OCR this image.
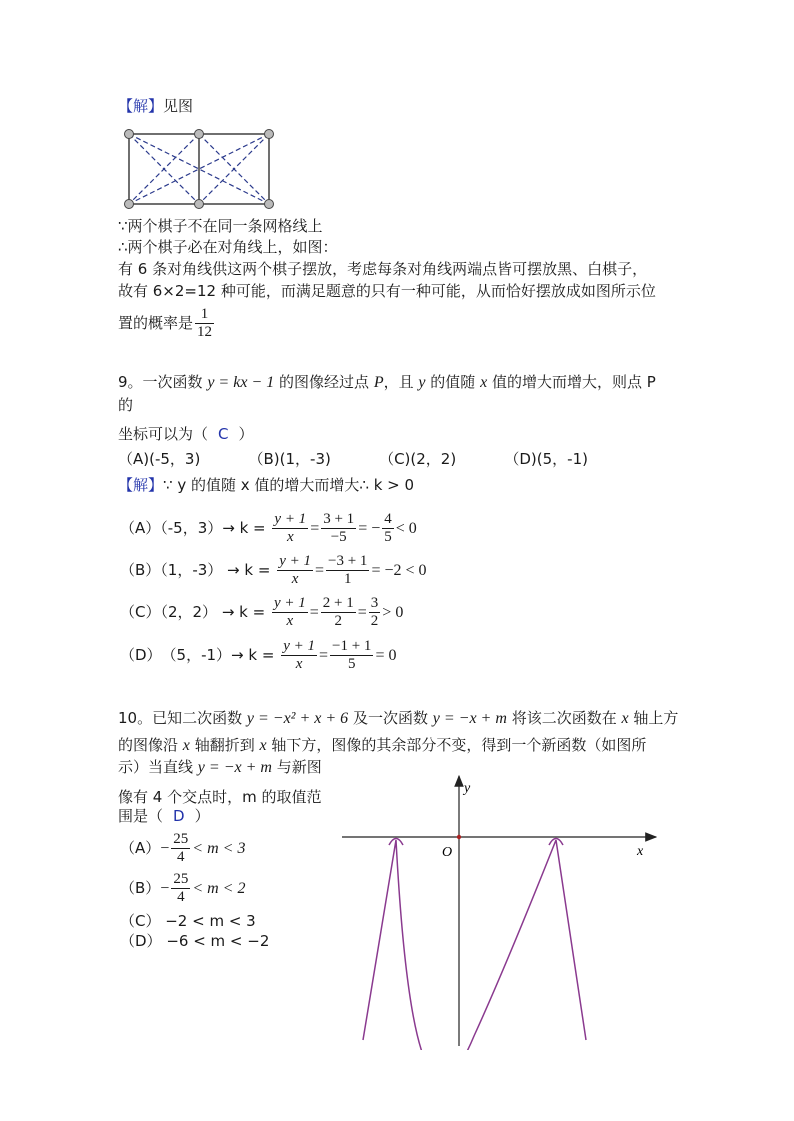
【解】见图
∵两个棋子不在同一条网格线上
∴两个棋子必在对角线上，如图：
有 6 条对角线供这两个棋子摆放，考虑每条对角线两端点皆可摆放黑、白棋子，
故有 6×2=12 种可能，而满足题意的只有一种可能，从而恰好摆放成如图所示位
置的概率是 $\frac{1}{12}$
9。一次函数 y = kx − 1 的图像经过点 P，且 y 的值随 x 值的增大而增大，则点 P
的
坐标可以为（ C ）
（A)(-5，3)	（B)(1，-3)	（C)(2，2)	（D)(5，-1)
【解】∵ y 的值随 x 值的增大而增大∴ k > 0
（A）（-5，$3)\to k = \frac{y + 1}{x} = \frac{3 + 1}{-5}$ = − $\frac{4}{5} < 0$
（B）（1，$-3) \to k = \frac{y + 1}{x} = \frac{-3 + 1}{1} = -2 < 0$
（C）（2，$2) \to k = \frac{y + 1}{x} = \frac{2 + 1}{2} = \frac{3}{2} > 0$
（D）　（5，$-1)\to k = \frac{y + 1}{x} = \frac{-1 + 1}{5} = 0$
10。已知二次函数 y = −x² + x + 6 及一次函数 y = −x + m 将该二次函数在 x 轴上方
的图像沿 x 轴翻折到 x 轴下方，图像的其余部分不变，得到一个新函数（如图所
示）当直线 y = −x + m 与新图
像有 4 个交点时，m 的取值范
围是（ D ）
$(A)- \frac{25}{4} < m < 3$
$(B)- \frac{25}{4} < m < 2$
（C） −2 < m < 3
（D） −6 < m < −2
y
x
O
